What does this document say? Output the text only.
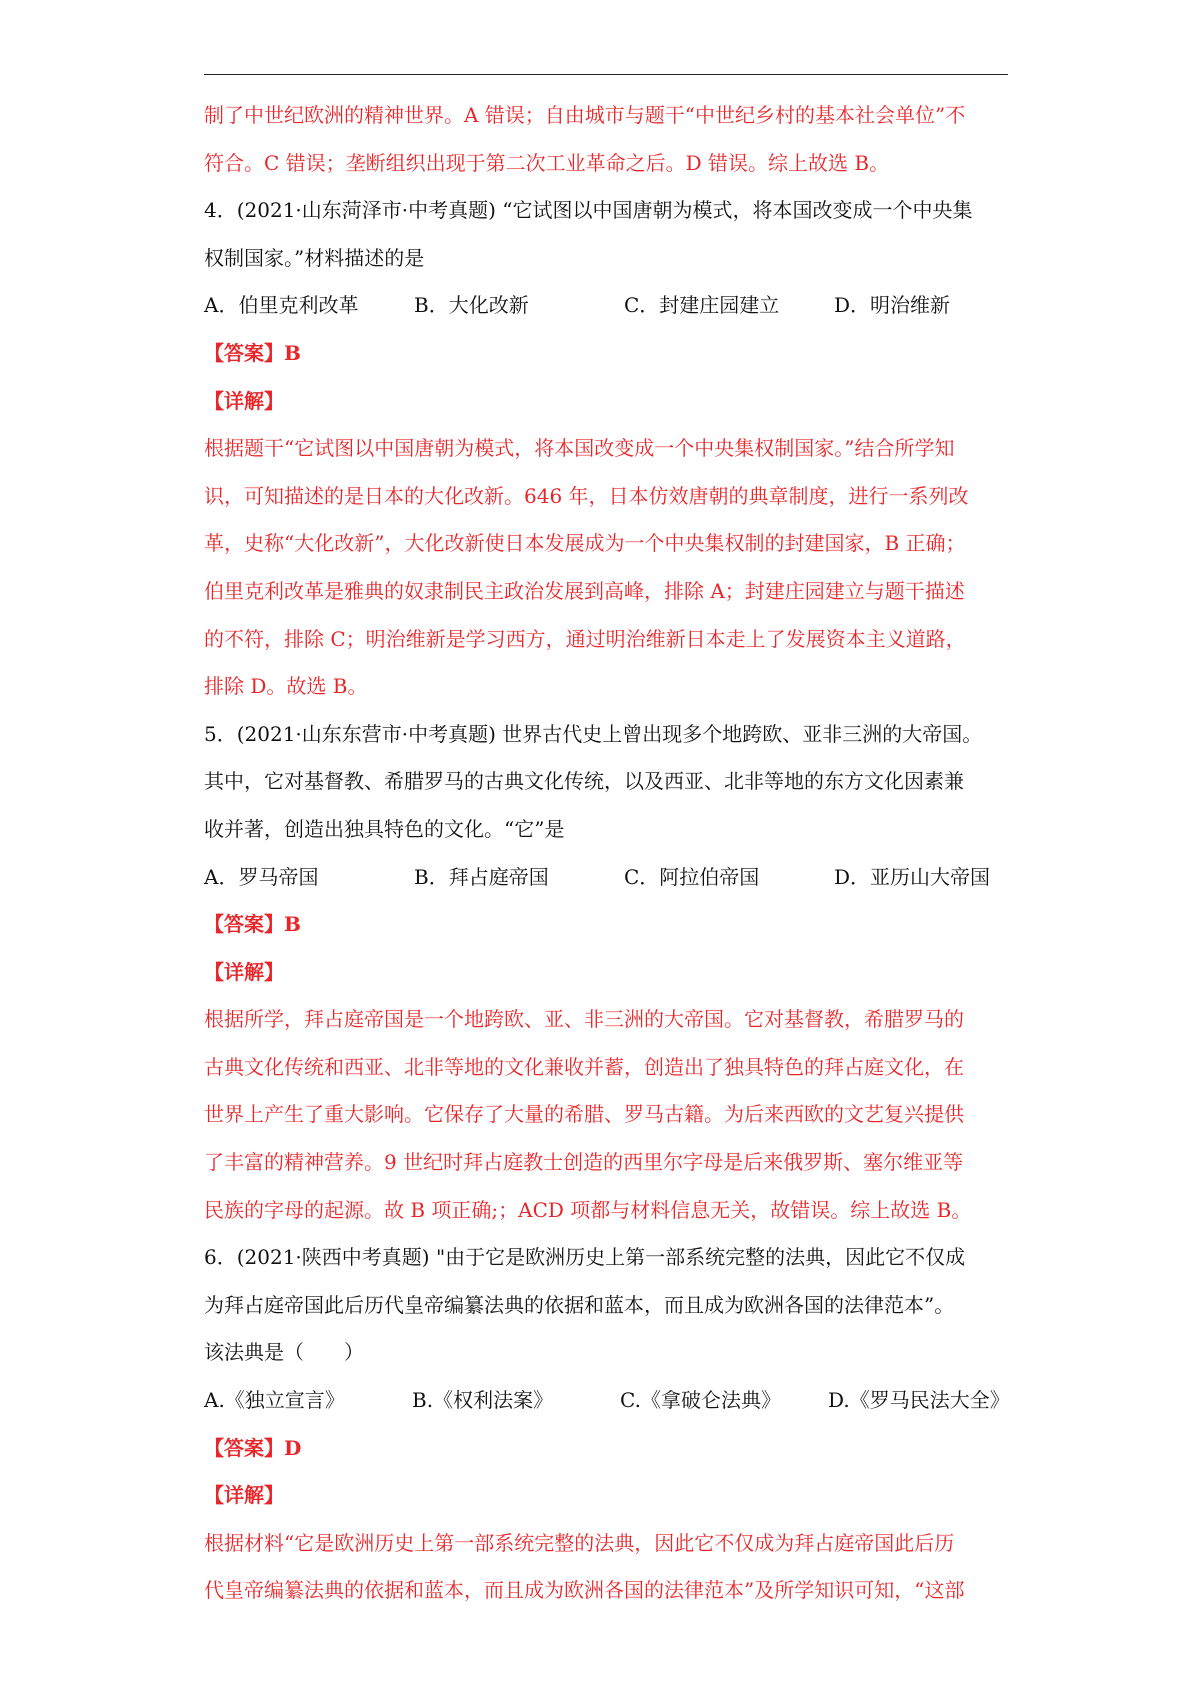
制了中世纪欧洲的精神世界。A 错误；自由城市与题干“中世纪乡村的基本社会单位”不

符合。C 错误；垄断组织出现于第二次工业革命之后。D 错误。综上故选 B。

4．(2021·山东菏泽市·中考真题) “它试图以中国唐朝为模式，将本国改变成一个中央集

权制国家。”材料描述的是

A．伯里克利改革	B．大化改新	C．封建庄园建立	D．明治维新

【答案】B

【详解】

根据题干“它试图以中国唐朝为模式，将本国改变成一个中央集权制国家。”结合所学知

识，可知描述的是日本的大化改新。646 年，日本仿效唐朝的典章制度，进行一系列改

革，史称“大化改新”，大化改新使日本发展成为一个中央集权制的封建国家，B 正确；

伯里克利改革是雅典的奴隶制民主政治发展到高峰，排除 A；封建庄园建立与题干描述

的不符，排除 C；明治维新是学习西方，通过明治维新日本走上了发展资本主义道路，

排除 D。故选 B。

5．(2021·山东东营市·中考真题) 世界古代史上曾出现多个地跨欧、亚非三洲的大帝国。

其中，它对基督教、希腊罗马的古典文化传统，以及西亚、北非等地的东方文化因素兼

收并著，创造出独具特色的文化。“它”是

A．罗马帝国	B．拜占庭帝国	C．阿拉伯帝国	D．亚历山大帝国

【答案】B

【详解】

根据所学，拜占庭帝国是一个地跨欧、亚、非三洲的大帝国。它对基督教，希腊罗马的

古典文化传统和西亚、北非等地的文化兼收并蓄，创造出了独具特色的拜占庭文化，在

世界上产生了重大影响。它保存了大量的希腊、罗马古籍。为后来西欧的文艺复兴提供

了丰富的精神营养。9 世纪时拜占庭教士创造的西里尔字母是后来俄罗斯、塞尔维亚等

民族的字母的起源。故 B 项正确;；ACD 项都与材料信息无关，故错误。综上故选 B。

6．(2021·陕西中考真题) "由于它是欧洲历史上第一部系统完整的法典，因此它不仅成

为拜占庭帝国此后历代皇帝编纂法典的依据和蓝本，而且成为欧洲各国的法律范本”。

该法典是（　　）

A.《独立宣言》	B.《权利法案》	C.《拿破仑法典》	D.《罗马民法大全》

【答案】D

【详解】

根据材料“它是欧洲历史上第一部系统完整的法典，因此它不仅成为拜占庭帝国此后历

代皇帝编纂法典的依据和蓝本，而且成为欧洲各国的法律范本”及所学知识可知，“这部
